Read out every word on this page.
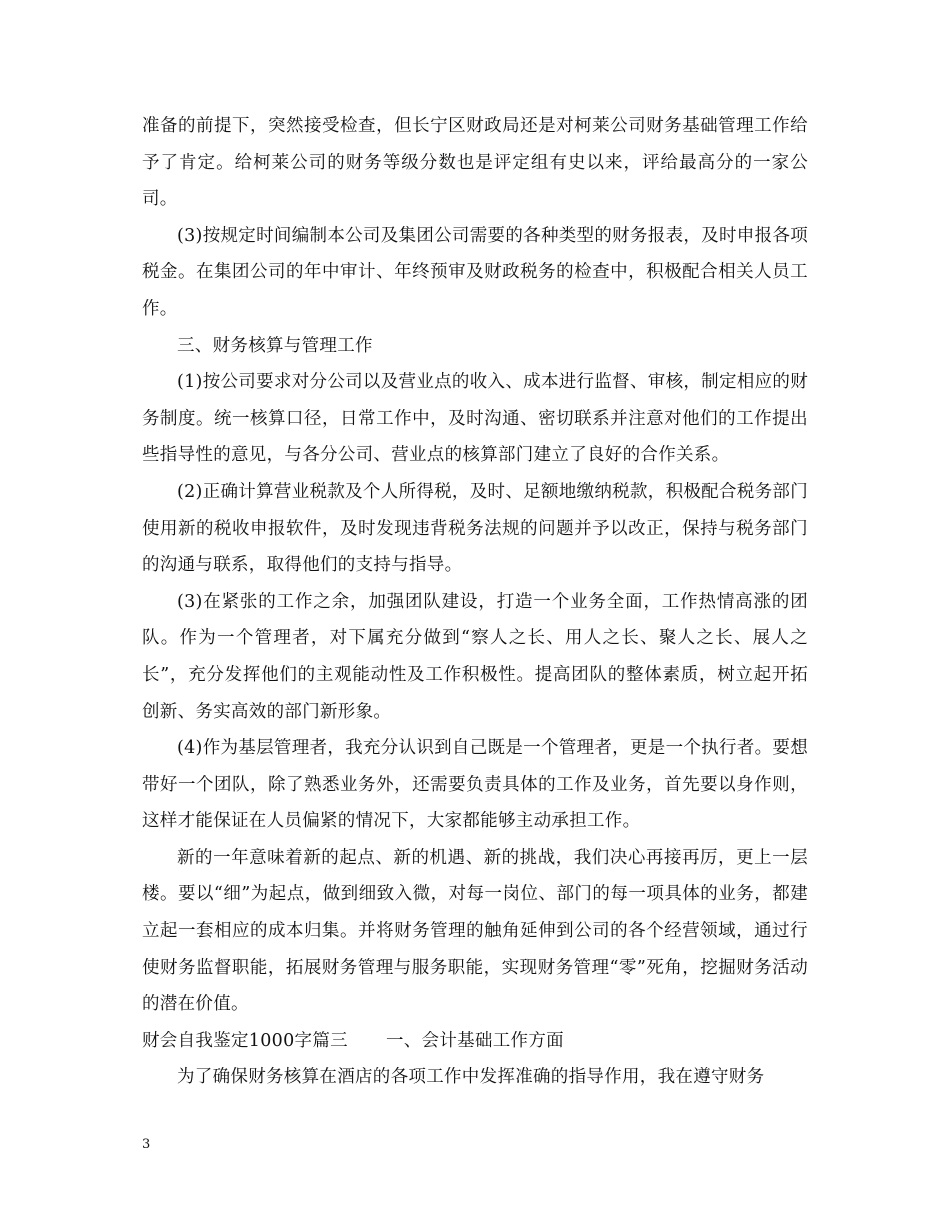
准备的前提下，突然接受检查，但长宁区财政局还是对柯莱公司财务基础管理工作给予了肯定。给柯莱公司的财务等级分数也是评定组有史以来，评给最高分的一家公司。

(3)按规定时间编制本公司及集团公司需要的各种类型的财务报表，及时申报各项税金。在集团公司的年中审计、年终预审及财政税务的检查中，积极配合相关人员工作。

三、财务核算与管理工作

(1)按公司要求对分公司以及营业点的收入、成本进行监督、审核，制定相应的财务制度。统一核算口径，日常工作中，及时沟通、密切联系并注意对他们的工作提出些指导性的意见，与各分公司、营业点的核算部门建立了良好的合作关系。

(2)正确计算营业税款及个人所得税，及时、足额地缴纳税款，积极配合税务部门使用新的税收申报软件，及时发现违背税务法规的问题并予以改正，保持与税务部门的沟通与联系，取得他们的支持与指导。

(3)在紧张的工作之余，加强团队建设，打造一个业务全面，工作热情高涨的团队。作为一个管理者，对下属充分做到“察人之长、用人之长、聚人之长、展人之长”，充分发挥他们的主观能动性及工作积极性。提高团队的整体素质，树立起开拓创新、务实高效的部门新形象。

(4)作为基层管理者，我充分认识到自己既是一个管理者，更是一个执行者。要想带好一个团队，除了熟悉业务外，还需要负责具体的工作及业务，首先要以身作则，这样才能保证在人员偏紧的情况下，大家都能够主动承担工作。

新的一年意味着新的起点、新的机遇、新的挑战，我们决心再接再厉，更上一层楼。要以“细”为起点，做到细致入微，对每一岗位、部门的每一项具体的业务，都建立起一套相应的成本归集。并将财务管理的触角延伸到公司的各个经营领域，通过行使财务监督职能，拓展财务管理与服务职能，实现财务管理“零”死角，挖掘财务活动的潜在价值。

财会自我鉴定1000字篇三 一、会计基础工作方面

为了确保财务核算在酒店的各项工作中发挥准确的指导作用，我在遵守财务

3
